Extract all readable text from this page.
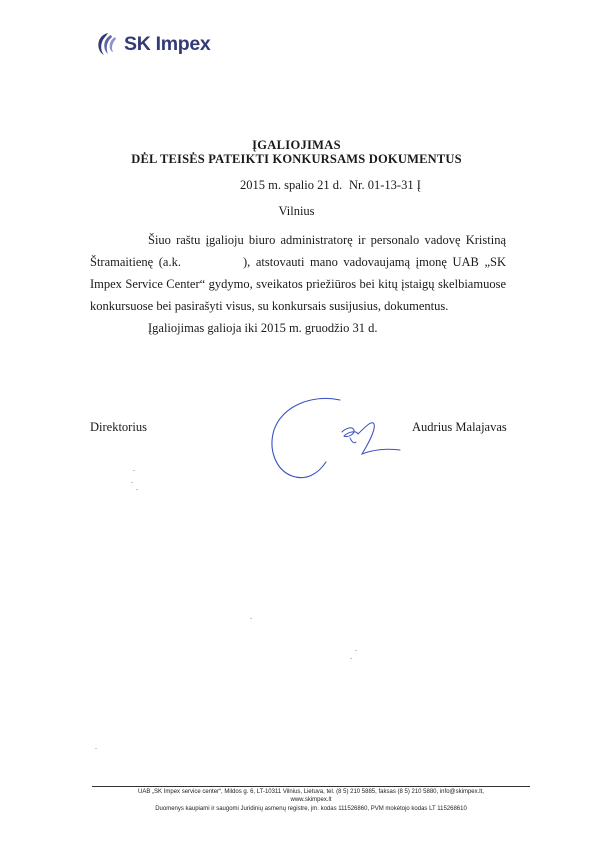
SK Impex
ĮGALIOJIMAS
DĖL TEISĖS PATEIKTI KONKURSAMS DOKUMENTUS
2015 m. spalio 21 d. Nr. 01-13-31 Į
Vilnius

Šiuo raštu įgalioju biuro administratorę ir personalo vadovę Kristiną Štramaitienę (a.k.	), atstovauti mano vadovaujamą įmonę UAB „SK Impex Service Center“ gydymo, sveikatos priežiūros bei kitų įstaigų skelbiamuose konkursuose bei pasirašyti visus, su konkursais susijusius, dokumentus.

Įgaliojimas galioja iki 2015 m. gruodžio 31 d.

Direktorius	Audrius Malajavas
UAB „SK Impex service center“, Mildos g. 6, LT-10311 Vilnius, Lietuva, tel. (8 5) 210 5885, faksas (8 5) 210 5880, info@skimpex.lt,
www.skimpex.lt
Duomenys kaupiami ir saugomi Juridinių asmenų registre, įm. kodas 111526860, PVM mokėtojo kodas LT 115268610
